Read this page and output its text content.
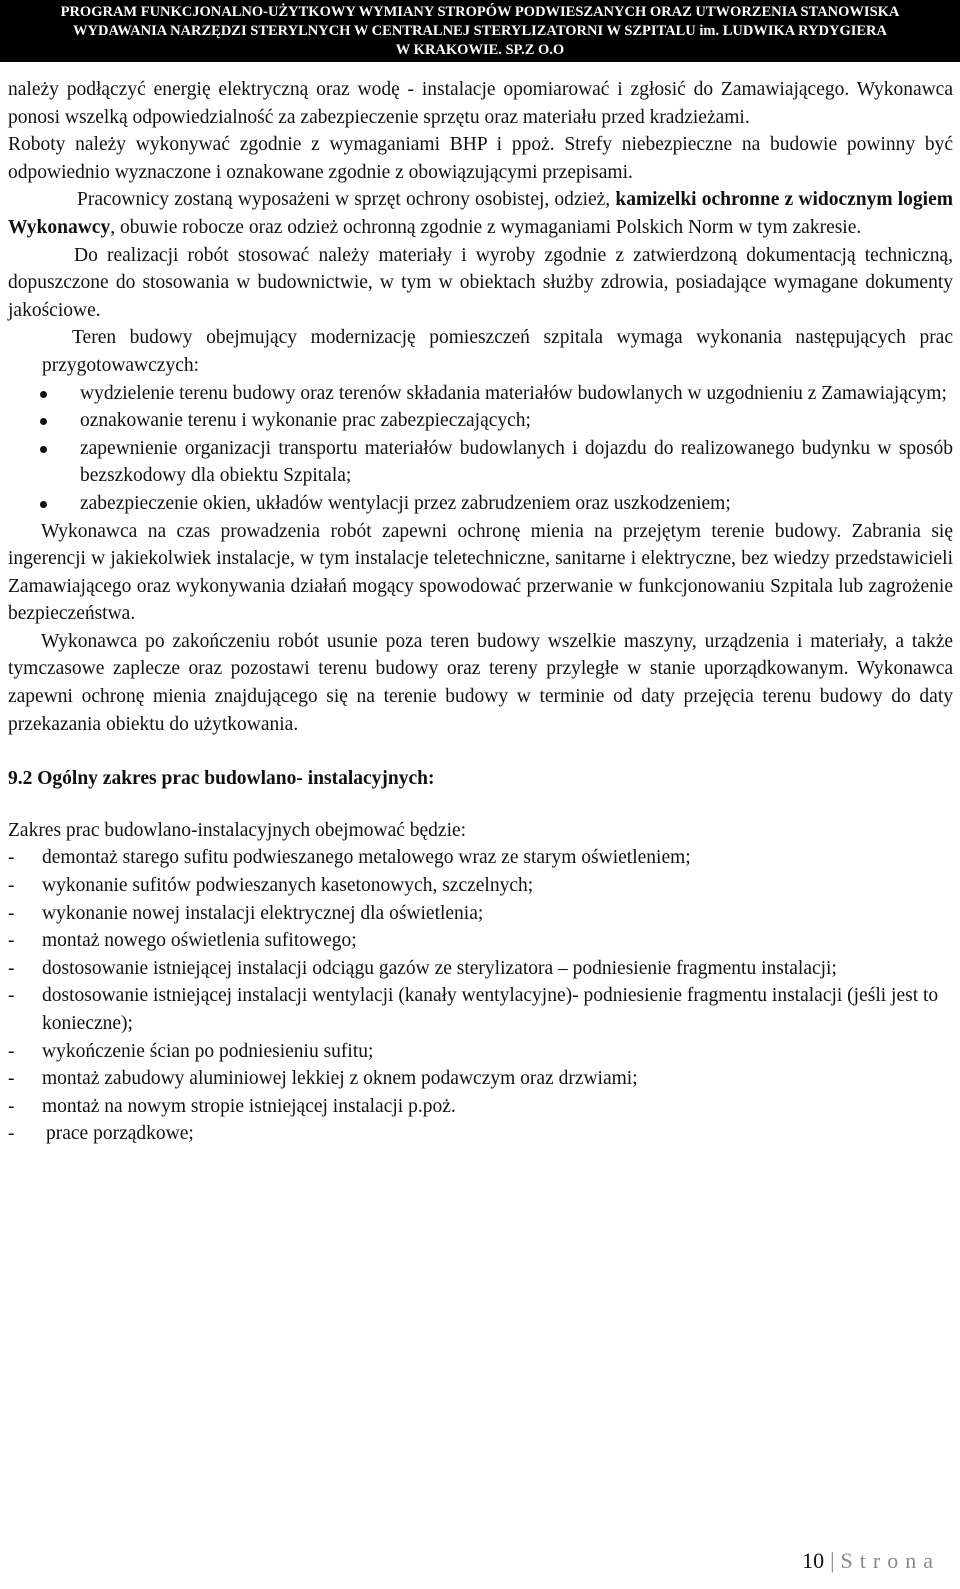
PROGRAM FUNKCJONALNO-UŻYTKOWY WYMIANY STROPÓW PODWIESZANYCH ORAZ UTWORZENIA STANOWISKA
WYDAWANIA NARZĘDZI STERYLNYCH W CENTRALNEJ STERYLIZATORNI W SZPITALU im. LUDWIKA RYDYGIERA
W KRAKOWIE. SP.Z O.O

należy podłączyć energię elektryczną oraz wodę - instalacje opomiarować i zgłosić do Zamawiającego. Wykonawca ponosi wszelką odpowiedzialność za zabezpieczenie sprzętu oraz materiału przed kradzieżami.

Roboty należy wykonywać zgodnie z wymaganiami BHP i ppoż. Strefy niebezpieczne na budowie powinny być odpowiednio wyznaczone i oznakowane zgodnie z obowiązującymi przepisami.

Pracownicy zostaną wyposażeni w sprzęt ochrony osobistej, odzież, kamizelki ochronne z widocznym logiem Wykonawcy, obuwie robocze oraz odzież ochronną zgodnie z wymaganiami Polskich Norm w tym zakresie.

Do realizacji robót stosować należy materiały i wyroby zgodnie z zatwierdzoną dokumentacją techniczną, dopuszczone do stosowania w budownictwie, w tym w obiektach służby zdrowia, posiadające wymagane dokumenty jakościowe.

Teren budowy obejmujący modernizację pomieszczeń szpitala wymaga wykonania następujących prac przygotowawczych:

wydzielenie terenu budowy oraz terenów składania materiałów budowlanych w uzgodnieniu z Zamawiającym;
oznakowanie terenu i wykonanie prac zabezpieczających;
zapewnienie organizacji transportu materiałów budowlanych i dojazdu do realizowanego budynku w sposób bezszkodowy dla obiektu Szpitala;
zabezpieczenie okien, układów wentylacji przez zabrudzeniem oraz uszkodzeniem;

Wykonawca na czas prowadzenia robót zapewni ochronę mienia na przejętym terenie budowy. Zabrania się ingerencji w jakiekolwiek instalacje, w tym instalacje teletechniczne, sanitarne i elektryczne, bez wiedzy przedstawicieli Zamawiającego oraz wykonywania działań mogący spowodować przerwanie w funkcjonowaniu Szpitala lub zagrożenie bezpieczeństwa.

Wykonawca po zakończeniu robót usunie poza teren budowy wszelkie maszyny, urządzenia i materiały, a także tymczasowe zaplecze oraz pozostawi terenu budowy oraz tereny przyległe w stanie uporządkowanym. Wykonawca zapewni ochronę mienia znajdującego się na terenie budowy w terminie od daty przejęcia terenu budowy do daty przekazania obiektu do użytkowania.

9.2 Ogólny zakres prac budowlano- instalacyjnych:

Zakres prac budowlano-instalacyjnych obejmować będzie:

- demontaż starego sufitu podwieszanego metalowego wraz ze starym oświetleniem;
- wykonanie sufitów podwieszanych kasetonowych, szczelnych;
- wykonanie nowej instalacji elektrycznej dla oświetlenia;
- montaż nowego oświetlenia sufitowego;
- dostosowanie istniejącej instalacji odciągu gazów ze sterylizatora – podniesienie fragmentu instalacji;
- dostosowanie istniejącej instalacji wentylacji (kanały wentylacyjne)- podniesienie fragmentu instalacji (jeśli jest to konieczne);
- wykończenie ścian po podniesieniu sufitu;
- montaż zabudowy aluminiowej lekkiej z oknem podawczym oraz drzwiami;
- montaż na nowym stropie istniejącej instalacji p.poż.
- prace porządkowe;
10 | Strona
